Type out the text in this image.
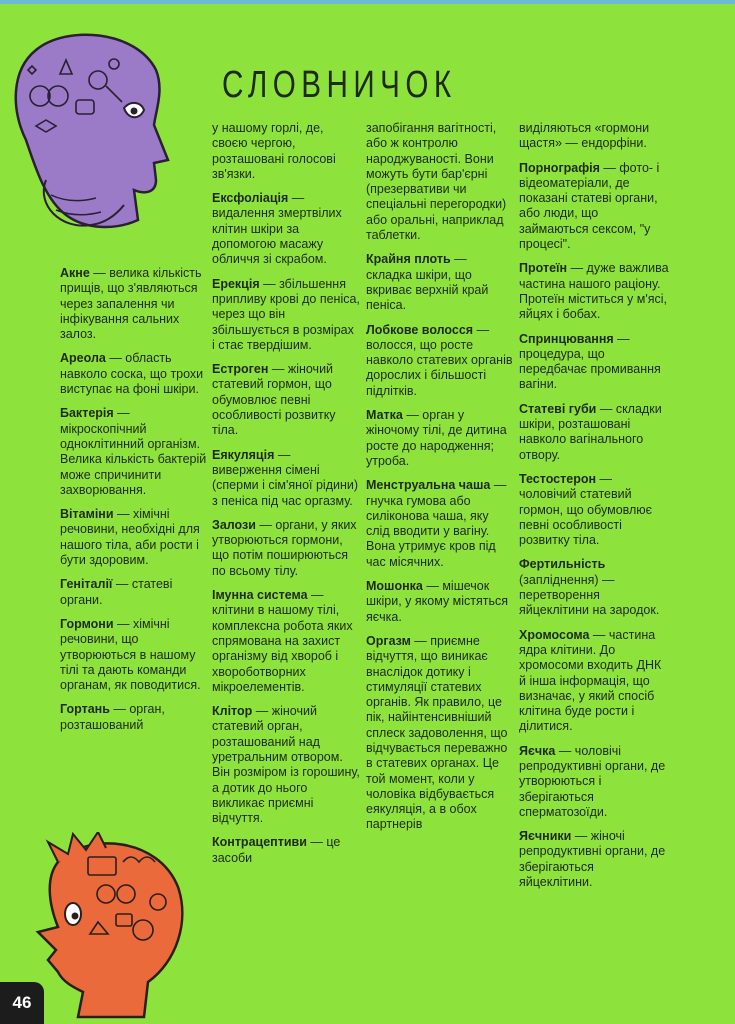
СЛОВНИЧОК
Акне — велика кількість прищів, що з'являються через запалення чи інфікування сальних залоз.
Ареола — область навколо соска, що трохи виступає на фоні шкіри.
Бактерія — мікроскопічний одноклітинний організм. Велика кількість бактерій може спричинити захворювання.
Вітаміни — хімічні речовини, необхідні для нашого тіла, аби рости і бути здоровим.
Геніталії — статеві органи.
Гормони — хімічні речовини, що утворюються в нашому тілі та дають команди органам, як поводитися.
Гортань — орган, розташований
у нашому горлі, де, своєю чергою, розташовані голосові зв'язки.
Ексфоліація — видалення змертвілих клітин шкіри за допомогою масажу обличчя зі скрабом.
Ерекція — збільшення припливу крові до пеніса, через що він збільшується в розмірах і стає твердішим.
Естроген — жіночий статевий гормон, що обумовлює певні особливості розвитку тіла.
Еякуляція — виверження сімені (сперми і сім'яної рідини) з пеніса під час оргазму.
Залози — органи, у яких утворюються гормони, що потім поширюються по всьому тілу.
Імунна система — клітини в нашому тілі, комплексна робота яких спрямована на захист організму від хвороб і хвороботворних мікроелементів.
Клітор — жіночий статевий орган, розташований над уретральним отвором. Він розміром із горошину, а дотик до нього викликає приємні відчуття.
Контрацептиви — це засоби
запобігання вагітності, або ж контролю народжуваності. Вони можуть бути бар'єрні (презервативи чи спеціальні перегородки) або оральні, наприклад таблетки.
Крайня плоть — складка шкіри, що вкриває верхній край пеніса.
Лобкове волосся — волосся, що росте навколо статевих органів дорослих і більшості підлітків.
Матка — орган у жіночому тілі, де дитина росте до народження; утроба.
Менструальна чаша — гнучка гумова або силіконова чаша, яку слід вводити у вагіну. Вона утримує кров під час місячних.
Мошонка — мішечок шкіри, у якому містяться яєчка.
Оргазм — приємне відчуття, що виникає внаслідок дотику і стимуляції статевих органів. Як правило, це пік, найінтенсивніший сплеск задоволення, що відчувається переважно в статевих органах. Це той момент, коли у чоловіка відбувається еякуляція, а в обох партнерів
виділяються «гормони щастя» — ендорфіни.
Порнографія — фото- і відеоматеріали, де показані статеві органи, або люди, що займаються сексом, "у процесі".
Протеїн — дуже важлива частина нашого раціону. Протеїн міститься у м'ясі, яйцях і бобах.
Спринцювання — процедура, що передбачає промивання вагіни.
Статеві губи — складки шкіри, розташовані навколо вагінального отвору.
Тестостерон — чоловічий статевий гормон, що обумовлює певні особливості розвитку тіла.
Фертильність (запліднення) — перетворення яйцеклітини на зародок.
Хромосома — частина ядра клітини. До хромосоми входить ДНК й інша інформація, що визначає, у який спосіб клітина буде рости і ділитися.
Яєчка — чоловічі репродуктивні органи, де утворюються і зберігаються сперматозоїди.
Яєчники — жіночі репродуктивні органи, де зберігаються яйцеклітини.
46
